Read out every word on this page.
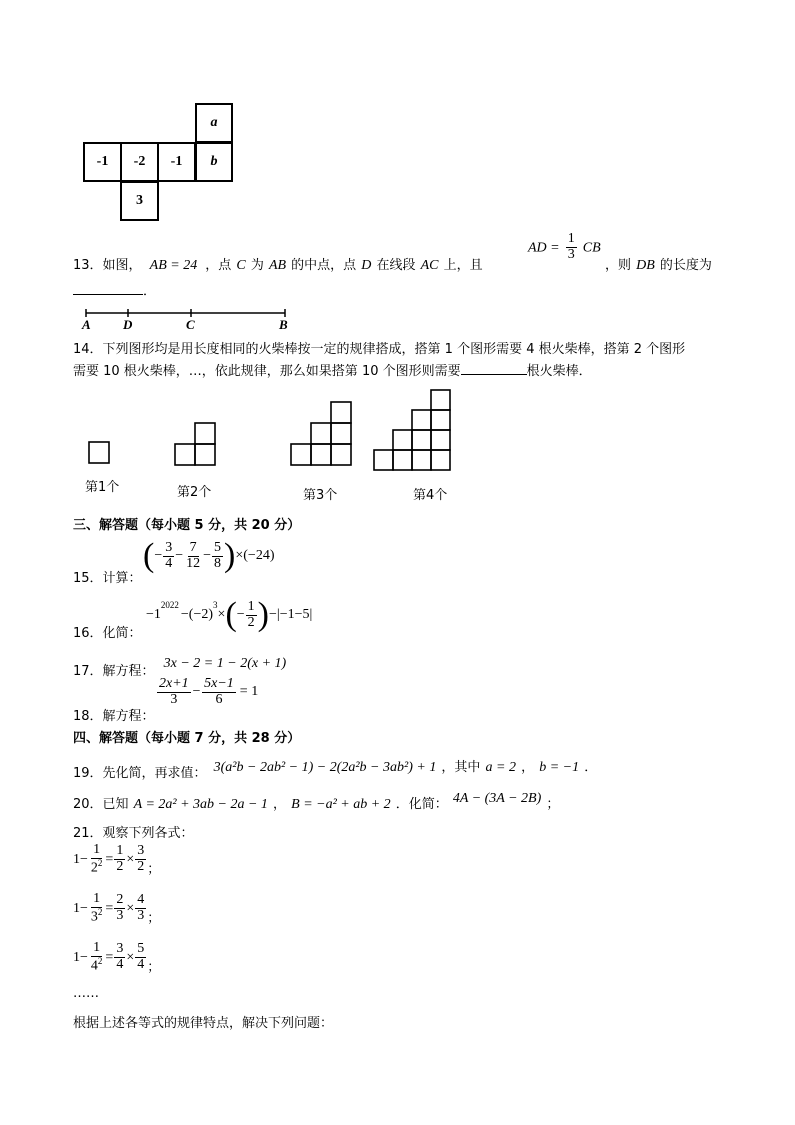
a
-1 -2 -1 b
3
13．如图， AB = 24 ，点 C 为 AB 的中点，点 D 在线段 AC 上，且
AD = $\frac{1}{3}$ CB
，则 DB 的长度为
．
A D	C	B
14．下列图形均是用长度相同的火柴棒按一定的规律搭成，搭第 1 个图形需要 4 根火柴棒，搭第 2 个图形
需要 10 根火柴棒，…，依此规律，那么如果搭第 10 个图形则需要	根火柴棒．
第1个	第2个	第3个	第4个
三、解答题（每小题 5 分，共 20 分）
15．计算：
( − $\frac{3}{4} - \frac{7}{12} - \frac{5}{8}$ ) ×(−24)
16．化简：
−1
$^{2022}$
−(−2)
$^3$
× ( − $\frac{1}{2}$ ) −|−1−5|
$_{17.解方程:}$ 3x − 2 = 1 − 2(x + 1)
18．解方程：
$\frac{2x+1}{3} - \frac{5x-1}{6} = 1$
四、解答题（每小题 7 分，共 28 分）
$_{19.先化简,再求值:}$ 3(a²b − 2ab² − 1) − 2(2a²b − 3ab²) + 1 ，其中 a = 2 ， b = −1 ．
20．已知 A = 2a² + 3ab − 2a − 1 ， B = −a² + ab + 2 ．化简： 4A − (3A − 2B) ；
21．观察下列各式：
$1- \frac{1}{2^2} = \frac{1}{2} \times \frac{3}{2}$ ；
$1- \frac{1}{3^2} = \frac{2}{3} \times \frac{4}{3}$ ；
$1- \frac{1}{4^2} = \frac{3}{4} \times \frac{5}{4}$ ；
……
根据上述各等式的规律特点，解决下列问题：
